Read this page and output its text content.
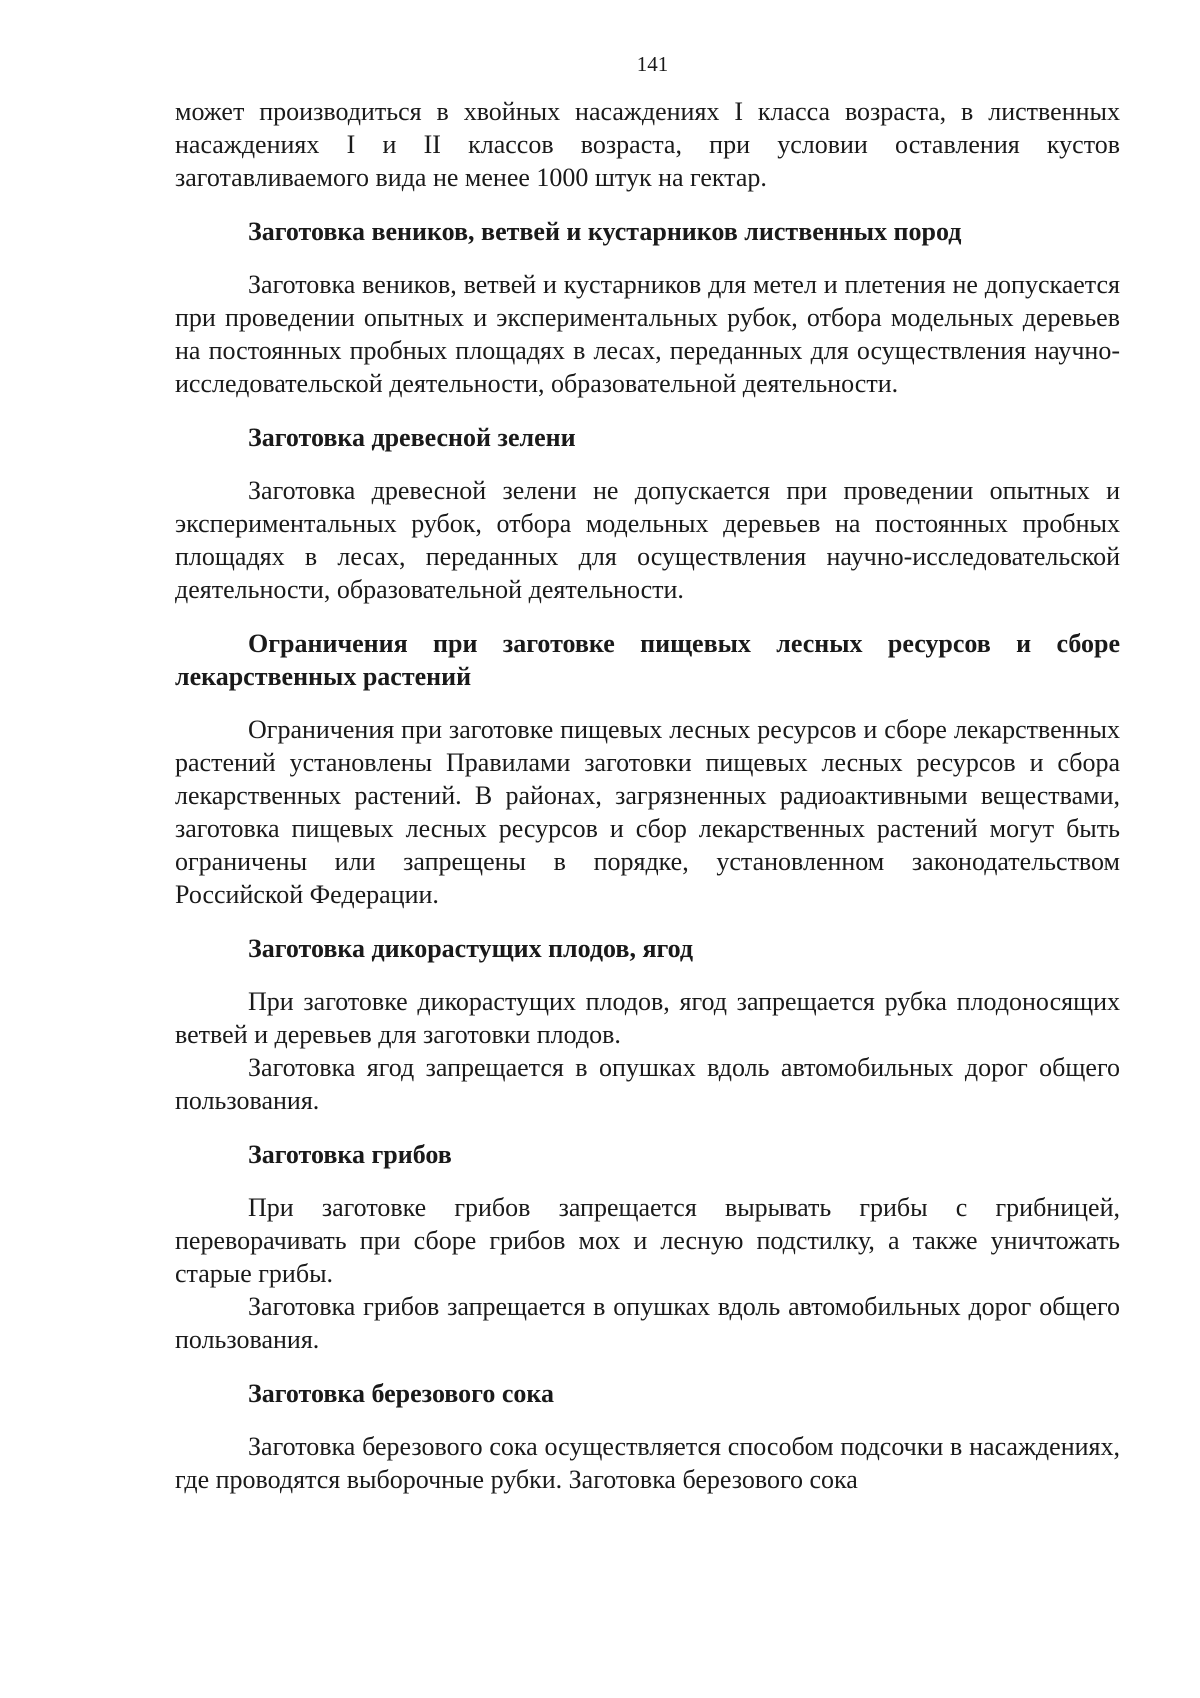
141

может производиться в хвойных насаждениях I класса возраста, в лиственных насаждениях I и II классов возраста, при условии оставления кустов заготавливаемого вида не менее 1000 штук на гектар.

Заготовка веников, ветвей и кустарников лиственных пород

Заготовка веников, ветвей и кустарников для метел и плетения не допускается при проведении опытных и экспериментальных рубок, отбора модельных деревьев на постоянных пробных площадях в лесах, переданных для осуществления научно-исследовательской деятельности, образовательной деятельности.

Заготовка древесной зелени

Заготовка древесной зелени не допускается при проведении опытных и экспериментальных рубок, отбора модельных деревьев на постоянных пробных площадях в лесах, переданных для осуществления научно-исследовательской деятельности, образовательной деятельности.

Ограничения при заготовке пищевых лесных ресурсов и сборе лекарственных растений

Ограничения при заготовке пищевых лесных ресурсов и сборе лекарственных растений установлены Правилами заготовки пищевых лесных ресурсов и сбора лекарственных растений. В районах, загрязненных радиоактивными веществами, заготовка пищевых лесных ресурсов и сбор лекарственных растений могут быть ограничены или запрещены в порядке, установленном законодательством Российской Федерации.

Заготовка дикорастущих плодов, ягод

При заготовке дикорастущих плодов, ягод запрещается рубка плодоносящих ветвей и деревьев для заготовки плодов.

Заготовка ягод запрещается в опушках вдоль автомобильных дорог общего пользования.

Заготовка грибов

При заготовке грибов запрещается вырывать грибы с грибницей, переворачивать при сборе грибов мох и лесную подстилку, а также уничтожать старые грибы.

Заготовка грибов запрещается в опушках вдоль автомобильных дорог общего пользования.

Заготовка березового сока

Заготовка березового сока осуществляется способом подсочки в насаждениях, где проводятся выборочные рубки. Заготовка березового сока
